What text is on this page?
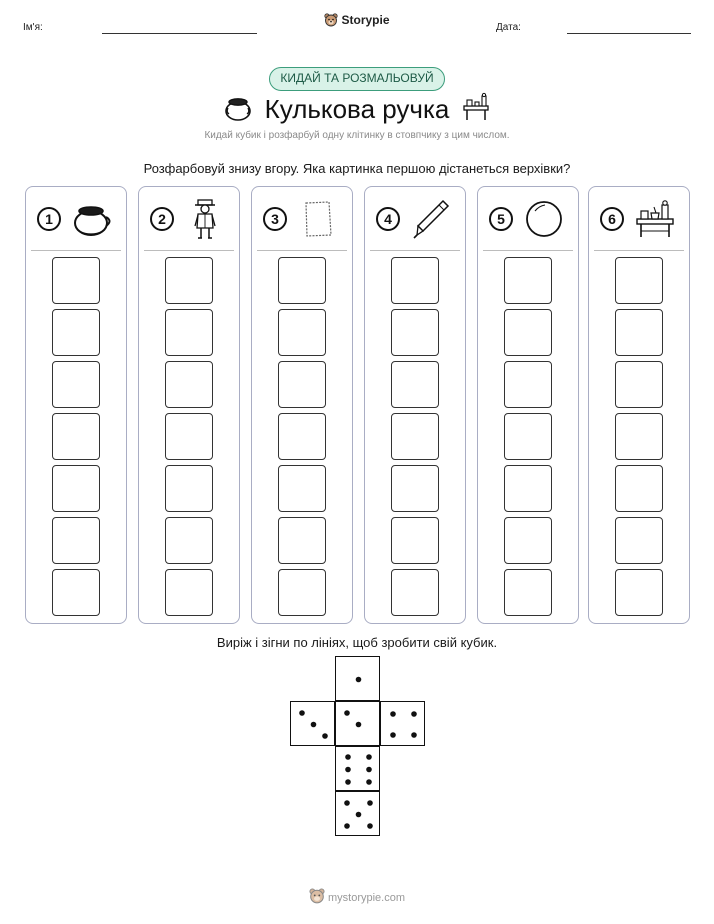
Ім'я:
Storypie
Дата:
КИДАЙ ТА РОЗМАЛЬОВУЙ
Кулькова ручка
Кидай кубик і розфарбуй одну клітинку в стовпчику з цим числом.
Розфарбовуй знизу вгору. Яка картинка першою дістанеться верхівки?
1	2	3	4	5	6
Виріж і зігни по лініях, щоб зробити свій кубик.
mystorypie.com
